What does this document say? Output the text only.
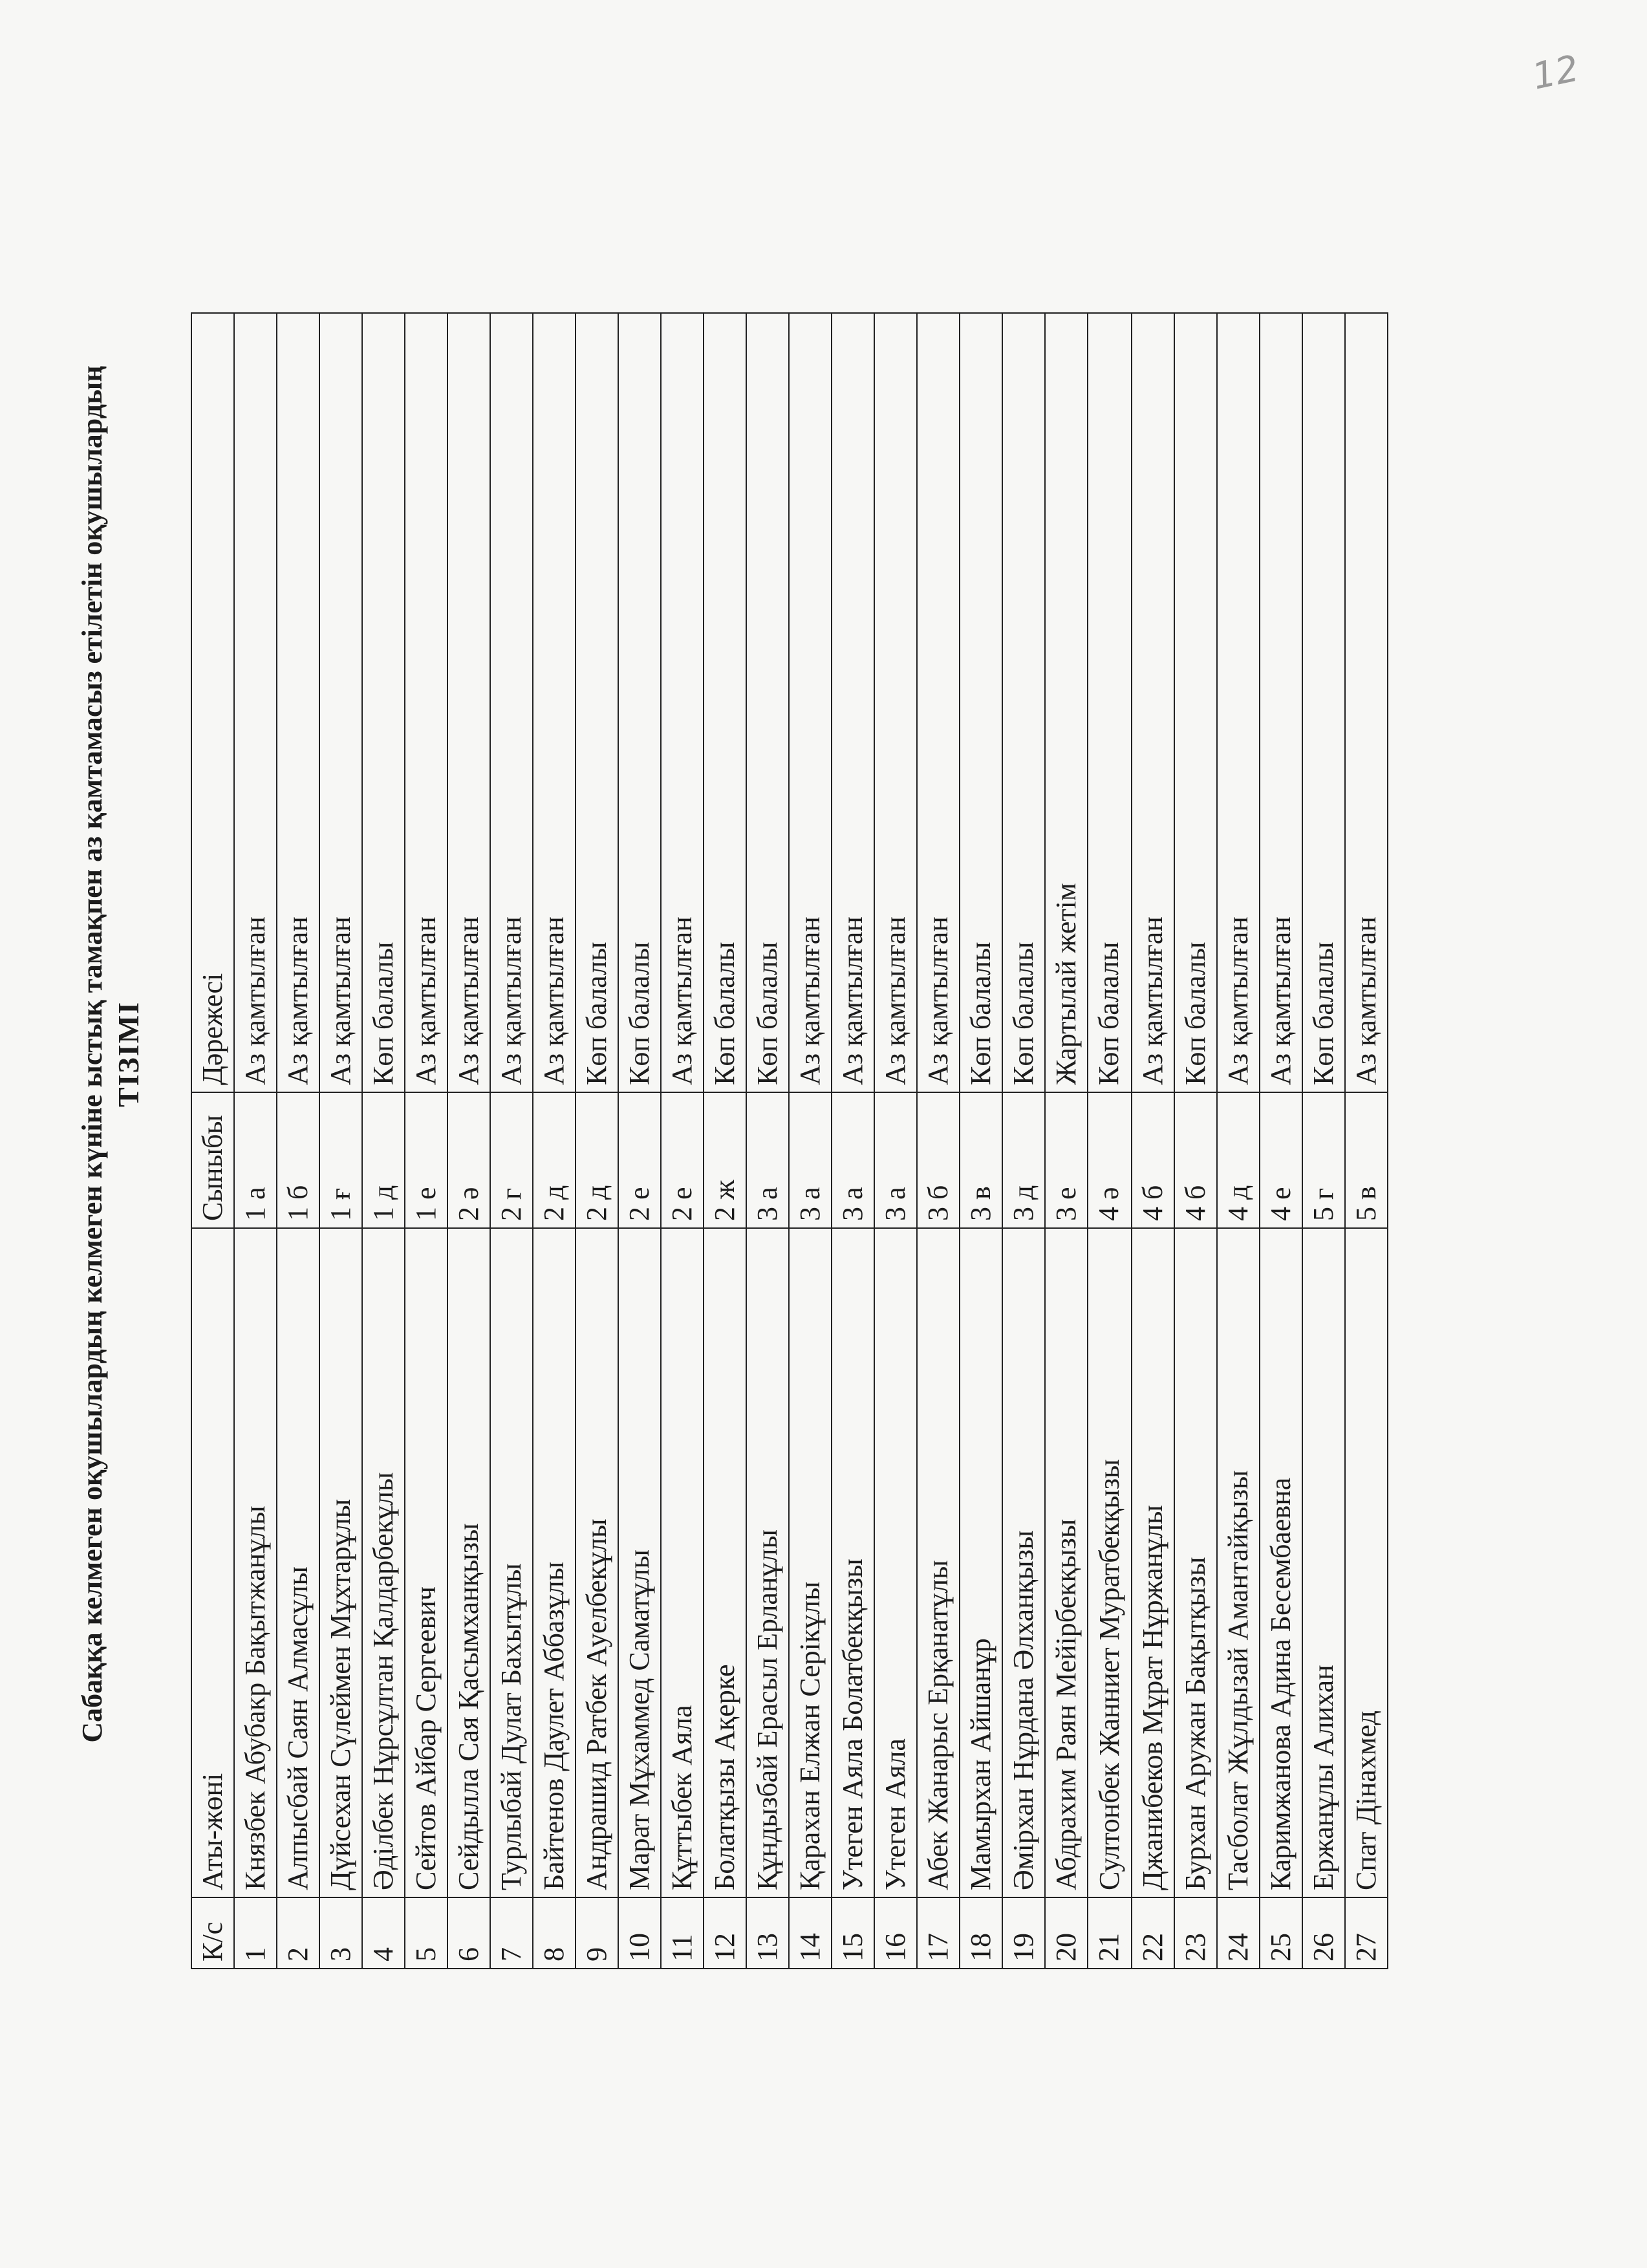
12

Сабаққа келмеген оқушылардың келмеген күніне ыстық тамақпен аз қамтамасыз етілетін оқушылардың ТІЗІМІ

К/с	Аты-жөні	Сыныбы	Дәрежесі
1	Князбек Абубакр Бақытжанұлы	1 а	Аз қамтылған
2	Алпысбай Саян Алмасұлы	1 б	Аз қамтылған
3	Дүйсехан Сүлеймен Мұхтарұлы	1 ғ	Аз қамтылған
4	Әділбек Нұрсұлтан Қалдарбекұлы	1 д	Көп балалы
5	Сейтов Айбар Сергеевич	1 е	Аз қамтылған
6	Сейдылла Сая Қасымханқызы	2 ә	Аз қамтылған
7	Турлыбай Дулат Бахытұлы	2 г	Аз қамтылған
8	Байтенов Даулет Аббазұлы	2 д	Аз қамтылған
9	Андрашид Ратбек Ауелбекұлы	2 д	Көп балалы
10	Марат Мұхаммед Саматұлы	2 е	Көп балалы
11	Құттыбек Аяла	2 е	Аз қамтылған
12	Болатқызы Ақерке	2 ж	Көп балалы
13	Құндызбай Ерасыл Ерланұлы	3 а	Көп балалы
14	Қарахан Елжан Серікұлы	3 а	Аз қамтылған
15	Утеген Аяла Болатбекқызы	3 а	Аз қамтылған
16	Утеген Аяла	3 а	Аз қамтылған
17	Абек Жанарыс Ерқанатұлы	3 б	Аз қамтылған
18	Мамырхан Айшанұр	3 в	Көп балалы
19	Әмірхан Нұрдана Әлханқызы	3 д	Көп балалы
20	Абдрахим Раян Мейірбекқызы	3 е	Жартылай жетім
21	Султонбек Жанниет Муратбекқызы	4 ә	Көп балалы
22	Джанибеков Мұрат Нұржанұлы	4 б	Аз қамтылған
23	Бурхан Аружан Бақытқызы	4 б	Көп балалы
24	Тасболат Жұлдызай Амантайқызы	4 д	Аз қамтылған
25	Каримжанова Адина Бесембаевна	4 е	Аз қамтылған
26	Ержанұлы Алихан	5 г	Көп балалы
27	Спат Дінахмед	5 в	Аз қамтылған
